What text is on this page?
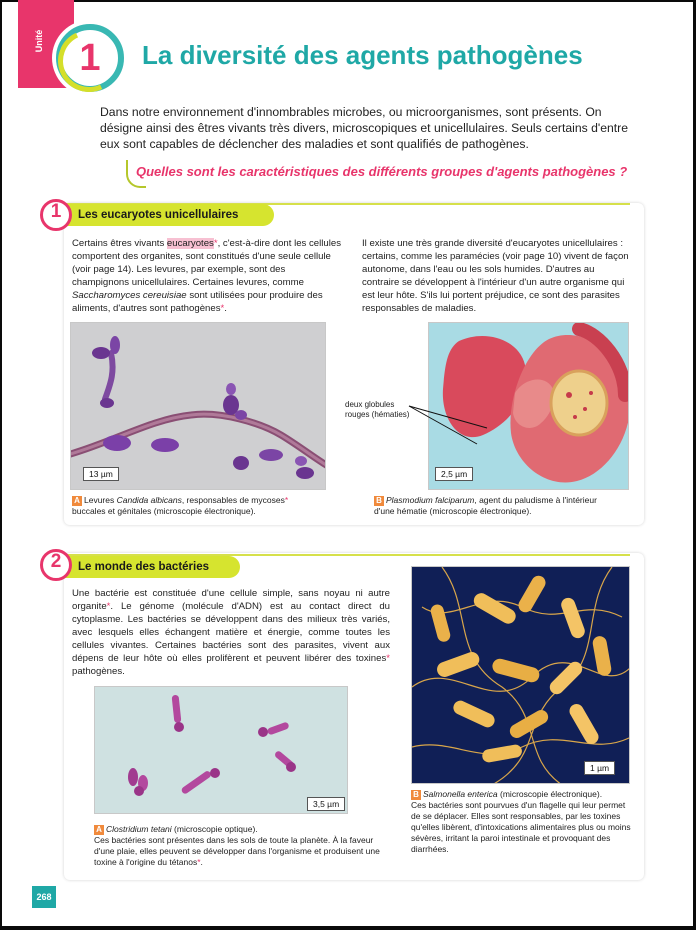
Unité 1	La diversité des agents pathogènes

Dans notre environnement d'innombrables microbes, ou microorganismes, sont présents. On désigne ainsi des êtres vivants très divers, microscopiques et unicellulaires. Seuls certains d'entre eux sont capables de déclencher des maladies et sont qualifiés de pathogènes.

Quelles sont les caractéristiques des différents groupes d'agents pathogènes ?

Les eucaryotes unicellulaires
1

Certains êtres vivants eucaryotes*, c'est-à-dire dont les cellules comportent des organites, sont constitués d'une seule cellule (voir page 14). Les levures, par exemple, sont des champignons unicellulaires. Certaines levures, comme Saccharomyces cereuisiae sont utilisées pour produire des aliments, d'autres sont pathogènes*.

Il existe une très grande diversité d'eucaryotes unicellulaires : certains, comme les paramécies (voir page 10) vivent de façon autonome, dans l'eau ou les sols humides. D'autres au contraire se développent à l'intérieur d'un autre organisme qui est leur hôte. S'ils lui portent préjudice, ce sont des parasites responsables de maladies.

13 µm

A Levures Candida albicans, responsables de mycoses*
buccales et génitales (microscopie électronique).

2,5 µm
deux globules rouges (hématies)

B Plasmodium falciparum, agent du paludisme à l'intérieur
d'une hématie (microscopie électronique).

Le monde des bactéries
2

Une bactérie est constituée d'une cellule simple, sans noyau ni autre organite*. Le génome (molécule d'ADN) est au contact direct du cytoplasme. Les bactéries se développent dans des milieux très variés, avec lesquels elles échangent matière et énergie, comme toutes les cellules vivantes. Certaines bactéries sont des parasites, vivent aux dépens de leur hôte où elles prolifèrent et peuvent libérer des toxines* pathogènes.

3,5 µm

A Clostridium tetani (microscopie optique).
Ces bactéries sont présentes dans les sols de toute la planète. À la faveur d'une plaie, elles peuvent se développer dans l'organisme et produisent une toxine à l'origine du tétanos*.

1 µm

B Salmonella enterica (microscopie électronique).
Ces bactéries sont pourvues d'un flagelle qui leur permet de se déplacer. Elles sont responsables, par les toxines qu'elles libèrent, d'intoxications alimentaires plus ou moins sévères, irritant la paroi intestinale et provoquant des diarrhées.

268
